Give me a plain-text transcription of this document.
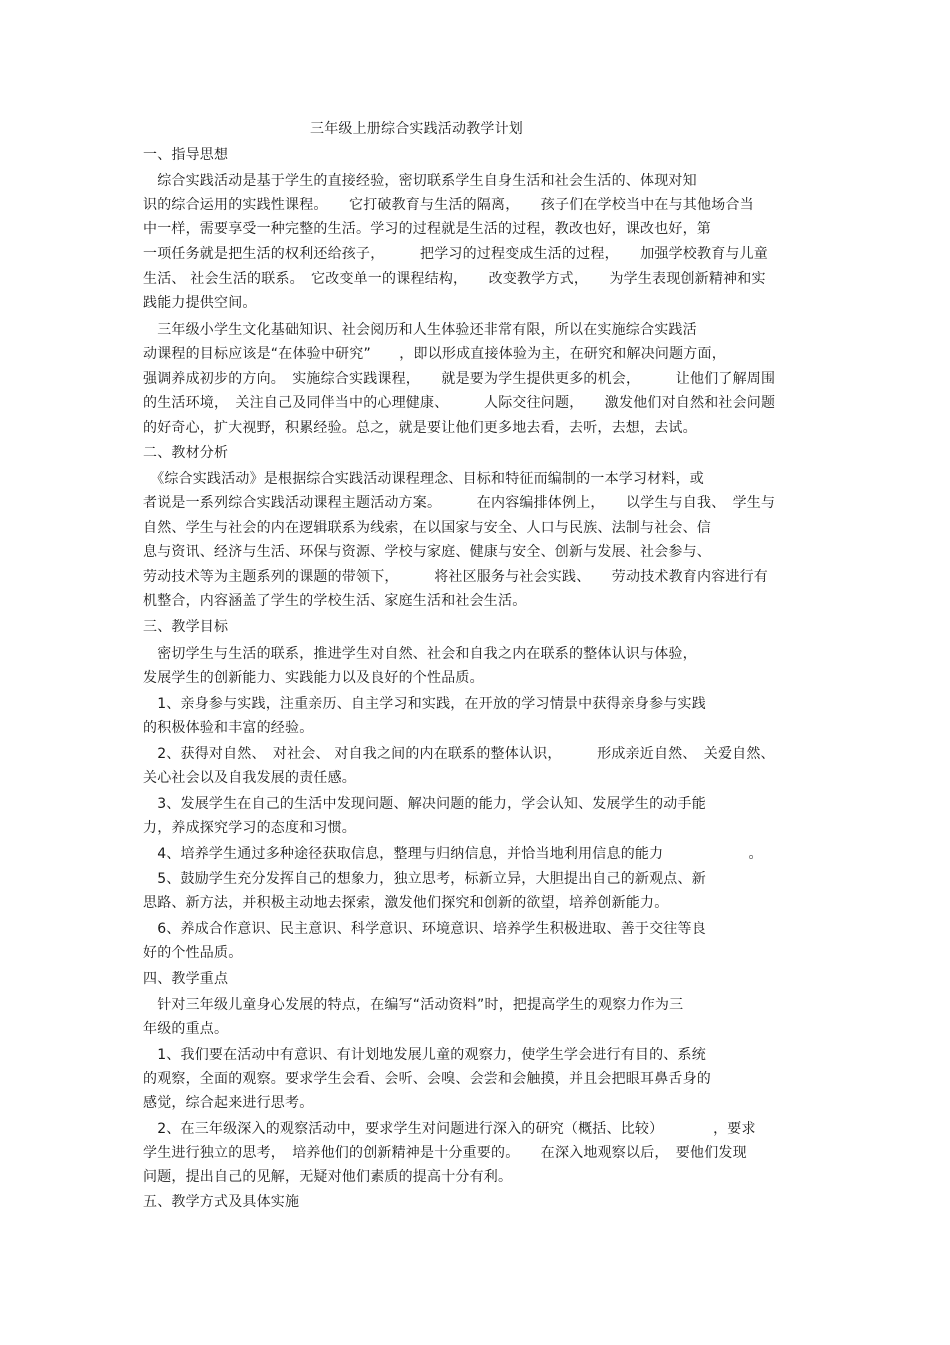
三年级上册综合实践活动教学计划
一、指导思想
　综合实践活动是基于学生的直接经验，密切联系学生自身生活和社会生活的、体现对知
识的综合运用的实践性课程。　　它打破教育与生活的隔离，　　孩子们在学校当中在与其他场合当
中一样，需要享受一种完整的生活。学习的过程就是生活的过程，教改也好，课改也好，第
一项任务就是把生活的权利还给孩子，　　　把学习的过程变成生活的过程，　　加强学校教育与儿童
生活、 社会生活的联系。　它改变单一的课程结构，　　改变教学方式，　　为学生表现创新精神和实
践能力提供空间。
　三年级小学生文化基础知识、社会阅历和人生体验还非常有限，所以在实施综合实践活
动课程的目标应该是“在体验中研究”　　，即以形成直接体验为主，在研究和解决问题方面，
强调养成初步的方向。　实施综合实践课程，　　就是要为学生提供更多的机会，　　　让他们了解周围
的生活环境，　关注自己及同伴当中的心理健康、　　　人际交往问题，　　激发他们对自然和社会问题
的好奇心，扩大视野，积累经验。总之，就是要让他们更多地去看，去听，去想，去试。
二、教材分析
　《综合实践活动》是根据综合实践活动课程理念、目标和特征而编制的一本学习材料，或
者说是一系列综合实践活动课程主题活动方案。　　　在内容编排体例上，　　以学生与自我、　学生与
自然、学生与社会的内在逻辑联系为线索，在以国家与安全、人口与民族、法制与社会、信
息与资讯、经济与生活、环保与资源、学校与家庭、健康与安全、创新与发展、社会参与、
劳动技术等为主题系列的课题的带领下，　　　将社区服务与社会实践、　　劳动技术教育内容进行有
机整合，内容涵盖了学生的学校生活、家庭生活和社会生活。
三、教学目标
　密切学生与生活的联系，推进学生对自然、社会和自我之内在联系的整体认识与体验，
发展学生的创新能力、实践能力以及良好的个性品质。
　1、亲身参与实践，注重亲历、自主学习和实践，在开放的学习情景中获得亲身参与实践
的积极体验和丰富的经验。
　2、获得对自然、　对社会、 对自我之间的内在联系的整体认识，　　　形成亲近自然、　关爱自然、
关心社会以及自我发展的责任感。
　3、发展学生在自己的生活中发现问题、解决问题的能力，学会认知、发展学生的动手能
力，养成探究学习的态度和习惯。
　4、培养学生通过多种途径获取信息，整理与归纳信息，并恰当地利用信息的能力　　　　　　。
　5、鼓励学生充分发挥自己的想象力，独立思考，标新立异，大胆提出自己的新观点、新
思路、新方法，并积极主动地去探索，激发他们探究和创新的欲望，培养创新能力。
　6、养成合作意识、民主意识、科学意识、环境意识、培养学生积极进取、善于交往等良
好的个性品质。
四、教学重点
　针对三年级儿童身心发展的特点，在编写“活动资料”时，把提高学生的观察力作为三
年级的重点。
　1、我们要在活动中有意识、有计划地发展儿童的观察力，使学生学会进行有目的、系统
的观察，全面的观察。要求学生会看、会听、会嗅、会尝和会触摸，并且会把眼耳鼻舌身的
感觉，综合起来进行思考。
　2、在三年级深入的观察活动中，要求学生对问题进行深入的研究（概括、比较）　　　　，要求
学生进行独立的思考，　培养他们的创新精神是十分重要的。　　在深入地观察以后，　要他们发现
问题，提出自己的见解，无疑对他们素质的提高十分有利。
五、教学方式及具体实施
